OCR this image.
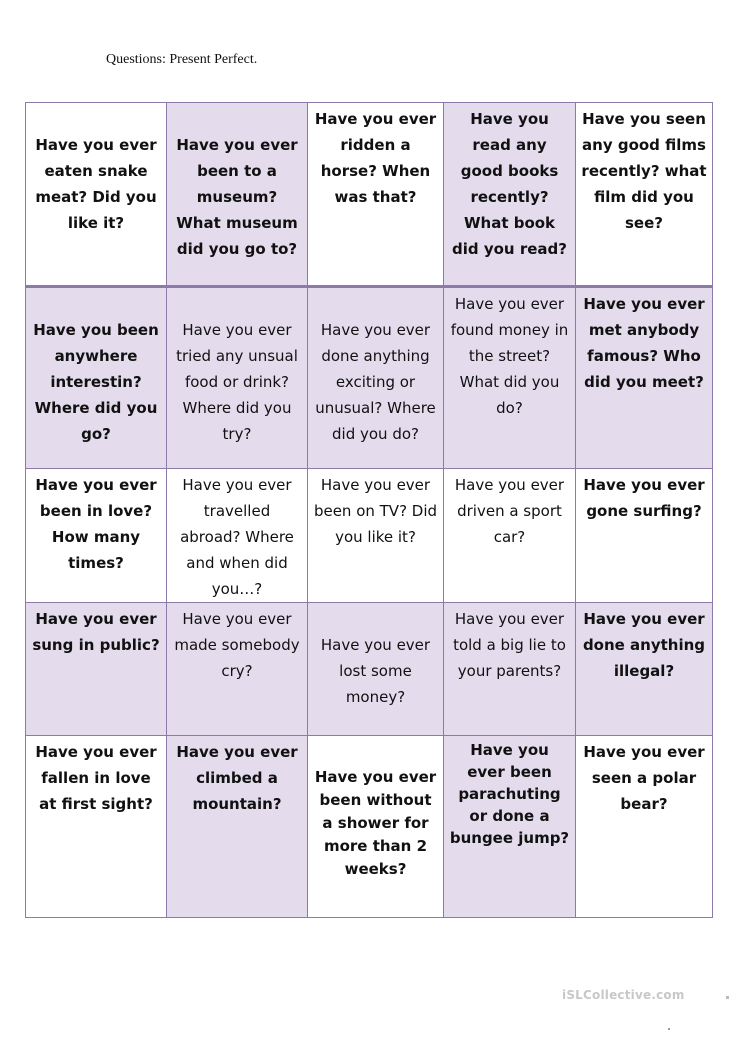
Questions: Present Perfect.
Have you ever eaten snake meat? Did you like it?	Have you ever been to a museum? What museum did you go to?	Have you ever ridden a horse? When was that?	Have you read any good books recently? What book did you read?	Have you seen any good films recently? what film did you see?
Have you been anywhere interestin? Where did you go?	Have you ever tried any unsual food or drink? Where did you try?	Have you ever done anything exciting or unusual? Where did you do?	Have you ever found money in the street? What did you do?	Have you ever met anybody famous? Who did you meet?
Have you ever been in love?How many times?	Have you ever travelled abroad? Where and when did you…?	Have you ever been on TV? Did you like it?	Have you ever driven a sport car?	Have you ever gone surfing?
Have you ever sung in public?	Have you ever made somebody cry?	Have you ever lost some money?	Have you ever told a big lie to your parents?	Have you ever done anything illegal?
Have you ever fallen in love at first sight?	Have you ever climbed a mountain?	Have you ever been without a shower for more than 2 weeks?	Have you ever been parachuting or done a bungee jump?	Have you ever seen a polar bear?
iSLCollective.com
